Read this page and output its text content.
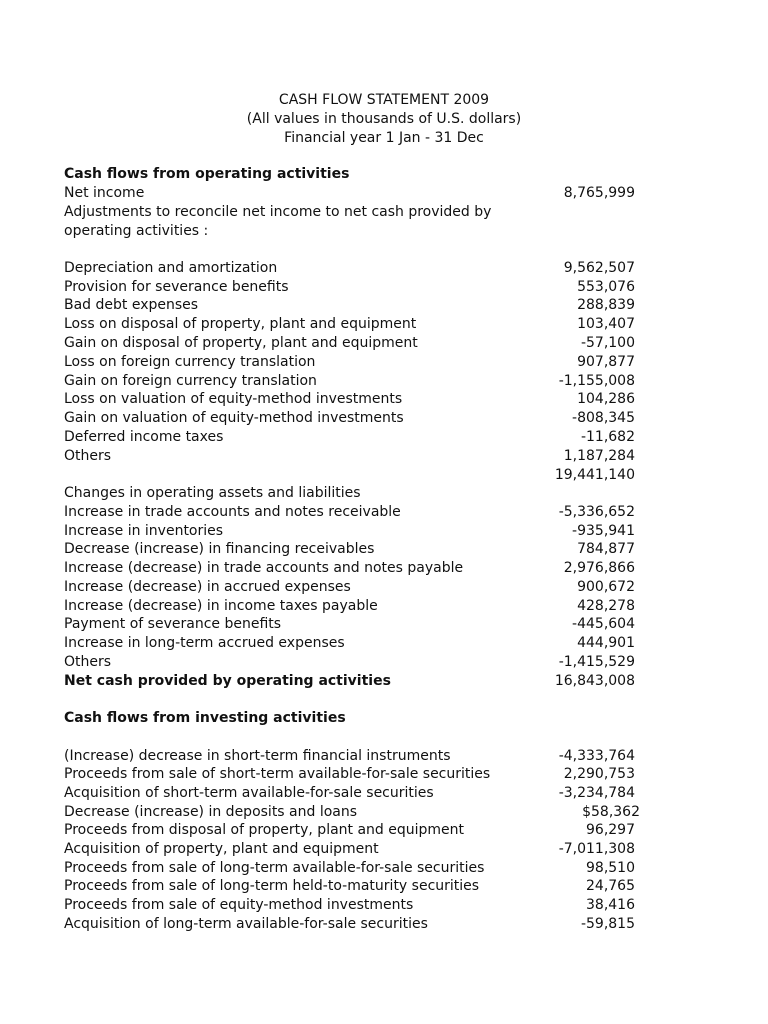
CASH FLOW STATEMENT 2009
(All values in thousands of U.S. dollars)
Financial year 1 Jan - 31 Dec
Cash flows from operating activities
Net income	8,765,999
Adjustments to reconcile net income to net cash provided by
operating activities :
Depreciation and amortization	9,562,507
Provision for severance benefits	553,076
Bad debt expenses	288,839
Loss on disposal of property, plant and equipment	103,407
Gain on disposal of property, plant and equipment	-57,100
Loss on foreign currency translation	907,877
Gain on foreign currency translation	-1,155,008
Loss on valuation of equity-method investments	104,286
Gain on valuation of equity-method investments	-808,345
Deferred income taxes	-11,682
Others	1,187,284
19,441,140
Changes in operating assets and liabilities
Increase in trade accounts and notes receivable	-5,336,652
Increase in inventories	-935,941
Decrease (increase) in financing receivables	784,877
Increase (decrease) in trade accounts and notes payable	2,976,866
Increase (decrease) in accrued expenses	900,672
Increase (decrease) in income taxes payable	428,278
Payment of severance benefits	-445,604
Increase in long-term accrued expenses	444,901
Others	-1,415,529
Net cash provided by operating activities	16,843,008
Cash flows from investing activities
(Increase) decrease in short-term financial instruments	-4,333,764
Proceeds from sale of short-term available-for-sale securities	2,290,753
Acquisition of short-term available-for-sale securities	-3,234,784
Decrease (increase) in deposits and loans	$58,362
Proceeds from disposal of property, plant and equipment	96,297
Acquisition of property, plant and equipment	-7,011,308
Proceeds from sale of long-term available-for-sale securities	98,510
Proceeds from sale of long-term held-to-maturity securities	24,765
Proceeds from sale of equity-method investments	38,416
Acquisition of long-term available-for-sale securities	-59,815
